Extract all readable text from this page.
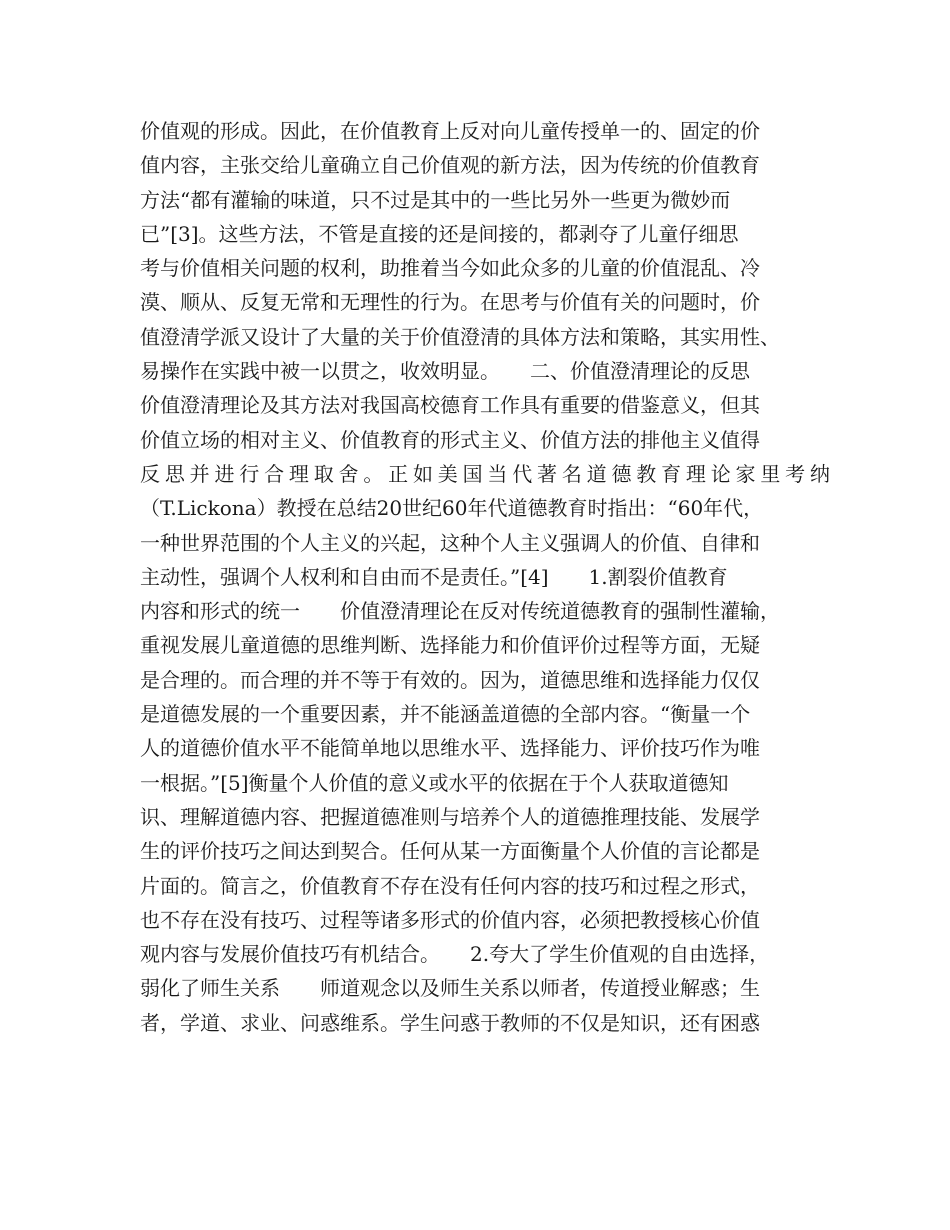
价值观的形成。因此，在价值教育上反对向儿童传授单一的、固定的价
值内容，主张交给儿童确立自己价值观的新方法，因为传统的价值教育
方法“都有灌输的味道，只不过是其中的一些比另外一些更为微妙而
已”[3]。这些方法，不管是直接的还是间接的，都剥夺了儿童仔细思
考与价值相关问题的权利，助推着当今如此众多的儿童的价值混乱、冷
漠、顺从、反复无常和无理性的行为。在思考与价值有关的问题时，价
值澄清学派又设计了大量的关于价值澄清的具体方法和策略，其实用性、
易操作在实践中被一以贯之，收效明显。　　二、价值澄清理论的反思
价值澄清理论及其方法对我国高校德育工作具有重要的借鉴意义，但其
价值立场的相对主义、价值教育的形式主义、价值方法的排他主义值得
反思并进行合理取舍。正如美国当代著名道德教育理论家里考纳
（T.Lickona）教授在总结20世纪60年代道德教育时指出：“60年代，
一种世界范围的个人主义的兴起，这种个人主义强调人的价值、自律和
主动性，强调个人权利和自由而不是责任。”[4]　　1.割裂价值教育
内容和形式的统一　　价值澄清理论在反对传统道德教育的强制性灌输，
重视发展儿童道德的思维判断、选择能力和价值评价过程等方面，无疑
是合理的。而合理的并不等于有效的。因为，道德思维和选择能力仅仅
是道德发展的一个重要因素，并不能涵盖道德的全部内容。“衡量一个
人的道德价值水平不能简单地以思维水平、选择能力、评价技巧作为唯
一根据。”[5]衡量个人价值的意义或水平的依据在于个人获取道德知
识、理解道德内容、把握道德准则与培养个人的道德推理技能、发展学
生的评价技巧之间达到契合。任何从某一方面衡量个人价值的言论都是
片面的。简言之，价值教育不存在没有任何内容的技巧和过程之形式，
也不存在没有技巧、过程等诸多形式的价值内容，必须把教授核心价值
观内容与发展价值技巧有机结合。　　2.夸大了学生价值观的自由选择，
弱化了师生关系　　师道观念以及师生关系以师者，传道授业解惑；生
者，学道、求业、问惑维系。学生问惑于教师的不仅是知识，还有困惑
